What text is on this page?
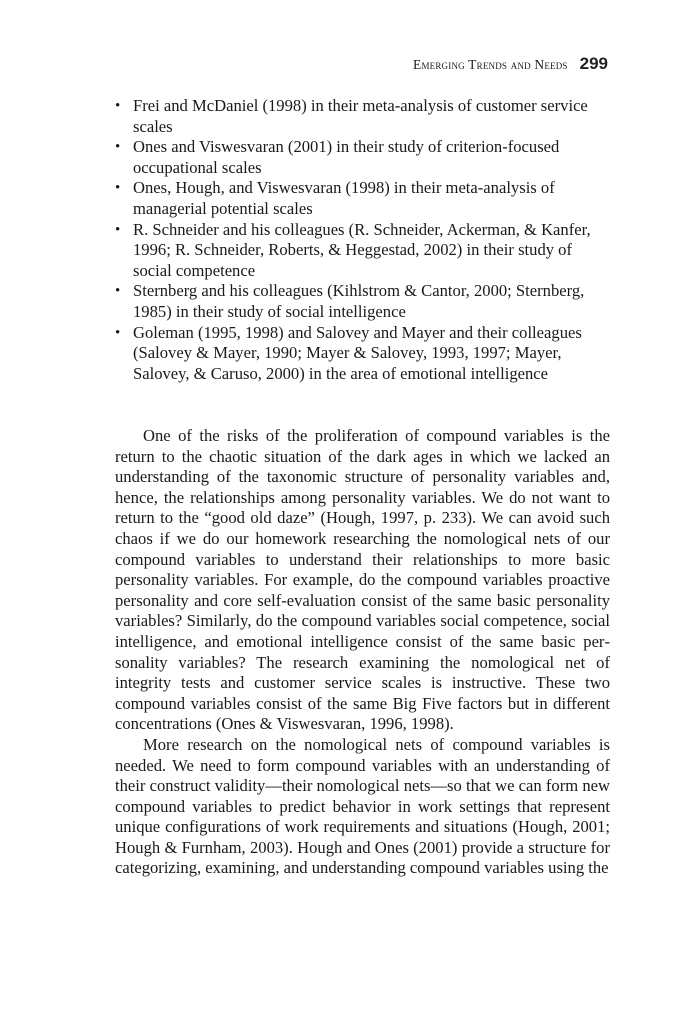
Emerging Trends and Needs 299
• Frei and McDaniel (1998) in their meta-analysis of customer service scales
• Ones and Viswesvaran (2001) in their study of criterion-focused occupational scales
• Ones, Hough, and Viswesvaran (1998) in their meta-analysis of managerial potential scales
• R. Schneider and his colleagues (R. Schneider, Ackerman, & Kanfer, 1996; R. Schneider, Roberts, & Heggestad, 2002) in their study of social competence
• Sternberg and his colleagues (Kihlstrom & Cantor, 2000; Sternberg, 1985) in their study of social intelligence
• Goleman (1995, 1998) and Salovey and Mayer and their colleagues (Salovey & Mayer, 1990; Mayer & Salovey, 1993, 1997; Mayer, Salovey, & Caruso, 2000) in the area of emotional intelligence

One of the risks of the proliferation of compound variables is the return to the chaotic situation of the dark ages in which we lacked an understanding of the taxonomic structure of personality variables and, hence, the relationships among personality variables. We do not want to return to the “good old daze” (Hough, 1997, p. 233). We can avoid such chaos if we do our homework researching the nomological nets of our compound variables to understand their relationships to more basic personality variables. For example, do the compound variables proactive personality and core self-evaluation consist of the same basic personality variables? Similarly, do the compound variables social competence, social intelligence, and emotional intelligence consist of the same basic personality variables? The research examining the nomological net of integrity tests and customer service scales is instructive. These two compound variables consist of the same Big Five factors but in different concentrations (Ones & Viswesvaran, 1996, 1998).

More research on the nomological nets of compound variables is needed. We need to form compound variables with an understanding of their construct validity—their nomological nets—so that we can form new compound variables to predict behavior in work settings that represent unique configurations of work requirements and situations (Hough, 2001; Hough & Furnham, 2003). Hough and Ones (2001) provide a structure for categorizing, examining, and understanding compound variables using the
